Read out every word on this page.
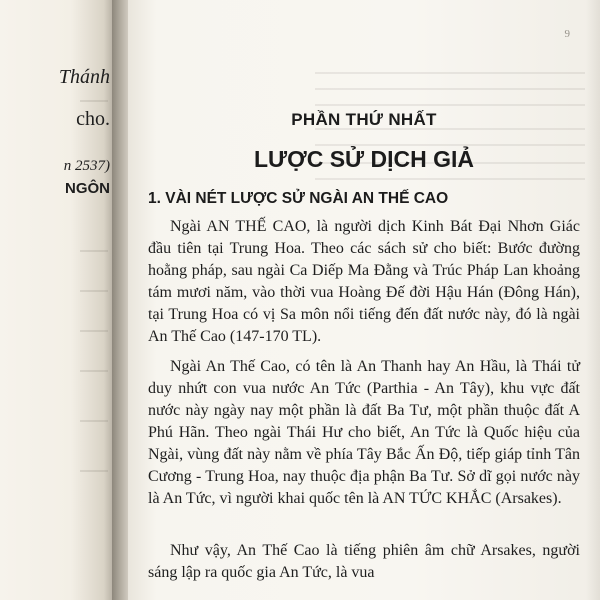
Thánh
cho.
n 2537)
NGÔN
9
PHẦN THỨ NHẤT
LƯỢC SỬ DỊCH GIẢ
1. VÀI NÉT LƯỢC SỬ NGÀI AN THẾ CAO

Ngài AN THẾ CAO, là người dịch Kinh Bát Đại Nhơn Giác đầu tiên tại Trung Hoa. Theo các sách sử cho biết: Bước đường hoằng pháp, sau ngài Ca Diếp Ma Đằng và Trúc Pháp Lan khoảng tám mươi năm, vào thời vua Hoàng Đế đời Hậu Hán (Đông Hán), tại Trung Hoa có vị Sa môn nổi tiếng đến đất nước này, đó là ngài An Thế Cao (147-170 TL).

Ngài An Thế Cao, có tên là An Thanh hay An Hầu, là Thái tử duy nhứt con vua nước An Tức (Parthia - An Tây), khu vực đất nước này ngày nay một phần là đất Ba Tư, một phần thuộc đất A Phú Hãn. Theo ngài Thái Hư cho biết, An Tức là Quốc hiệu của Ngài, vùng đất này nằm về phía Tây Bắc Ấn Độ, tiếp giáp tỉnh Tân Cương - Trung Hoa, nay thuộc địa phận Ba Tư. Sở dĩ gọi nước này là An Tức, vì người khai quốc tên là AN TỨC KHẮC (Arsakes).

Như vậy, An Thế Cao là tiếng phiên âm chữ Arsakes, người sáng lập ra quốc gia An Tức, là vua
